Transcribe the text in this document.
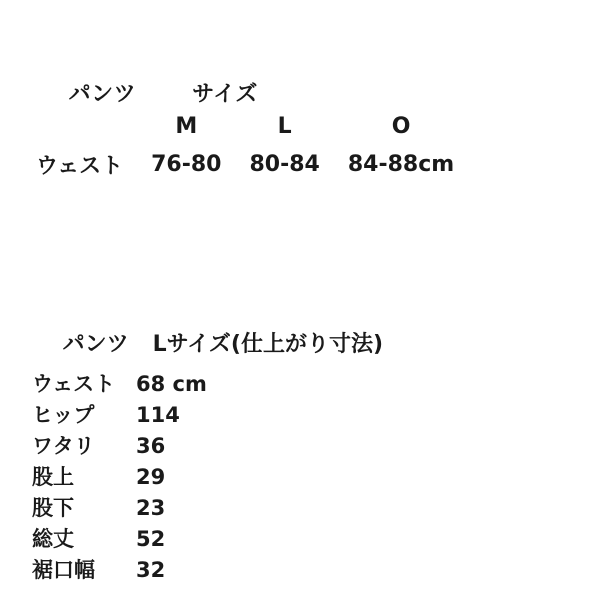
パンツ	サイズ

	M	L	O
ウェスト	76-80	80-84	84-88cm

パンツ Lサイズ(仕上がり寸法)

ウェスト 68 cm
ヒップ	114
ワタリ	36
股上	29
股下	23
総丈	52
裾口幅	32
